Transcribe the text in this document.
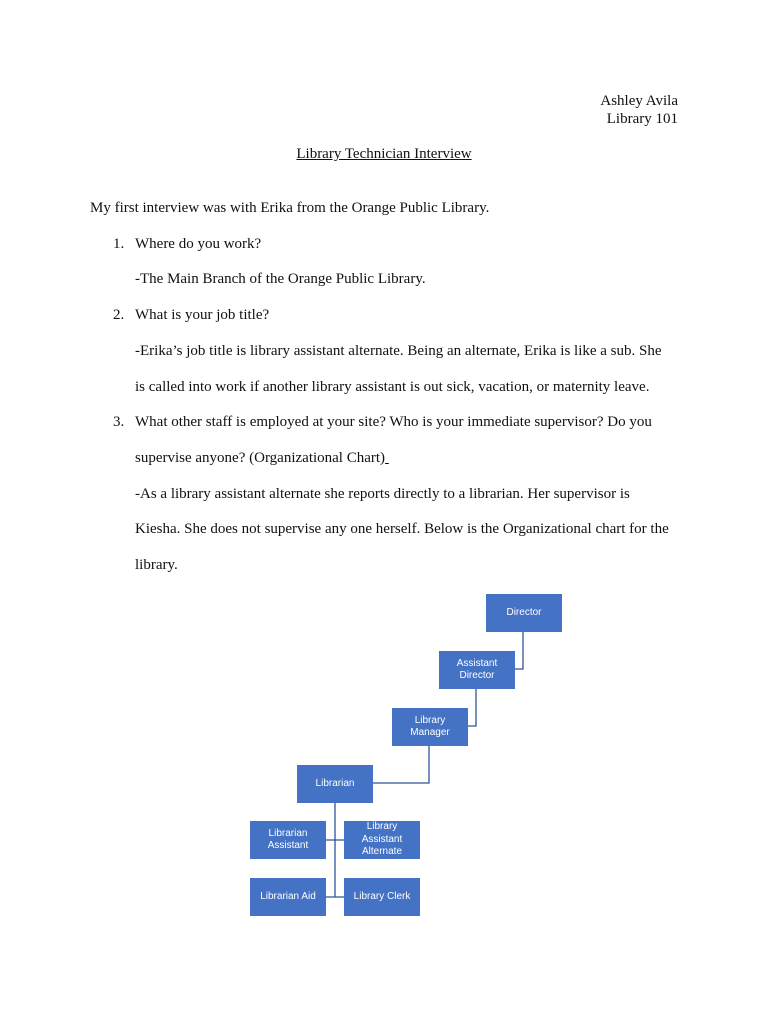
Ashley Avila
Library 101
Library Technician Interview
My first interview was with Erika from the Orange Public Library.
1. Where do you work?
-The Main Branch of the Orange Public Library.
2. What is your job title?
-Erika’s job title is library assistant alternate. Being an alternate, Erika is like a sub. She
is called into work if another library assistant is out sick, vacation, or maternity leave.
3. What other staff is employed at your site? Who is your immediate supervisor? Do you
supervise anyone? (Organizational Chart)
-As a library assistant alternate she reports directly to a librarian. Her supervisor is
Kiesha. She does not supervise any one herself. Below is the Organizational chart for the
library.
Director
Assistant
Director
Library Manager
Librarian
Librarian
Assistant
Library Assistant
Alternate
Librarian Aid	Library Clerk
